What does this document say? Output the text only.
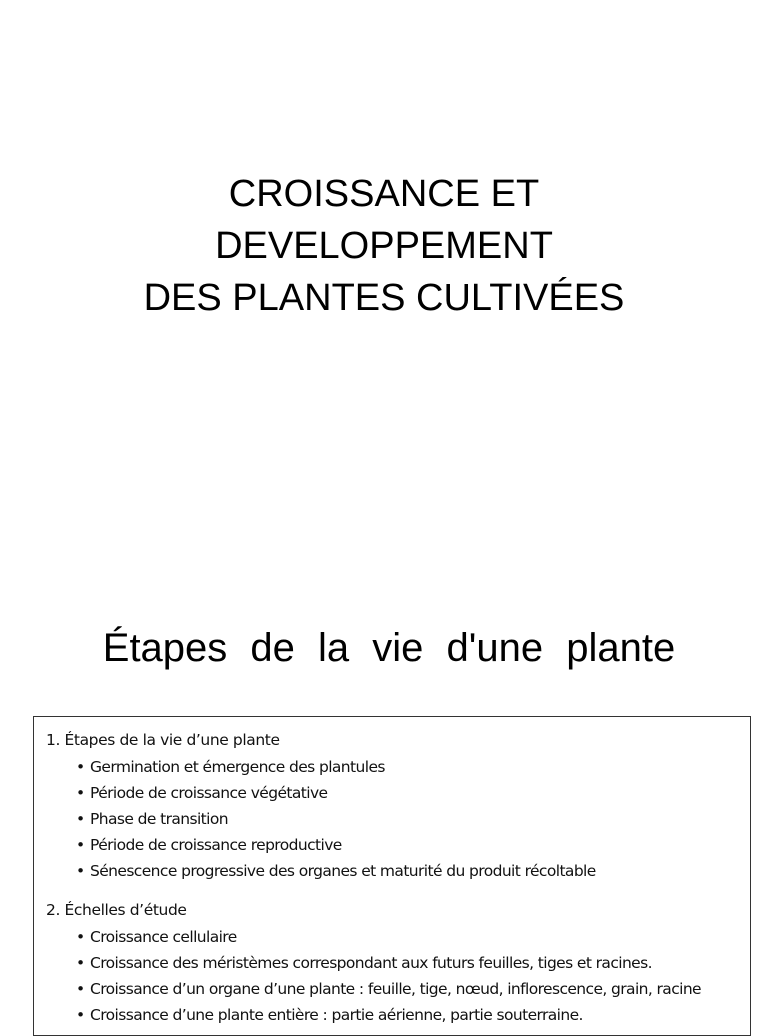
CROISSANCE ET
DEVELOPPEMENT
DES PLANTES CULTIVÉES
Étapes de la vie d'une plante
1. Étapes de la vie d’une plante
• Germination et émergence des plantules
• Période de croissance végétative
• Phase de transition
• Période de croissance reproductive
• Sénescence progressive des organes et maturité du produit récoltable
2. Échelles d’étude
• Croissance cellulaire
• Croissance des méristèmes correspondant aux futurs feuilles, tiges et racines.
• Croissance d’un organe d’une plante : feuille, tige, nœud, inflorescence, grain, racine
• Croissance d’une plante entière : partie aérienne, partie souterraine.
